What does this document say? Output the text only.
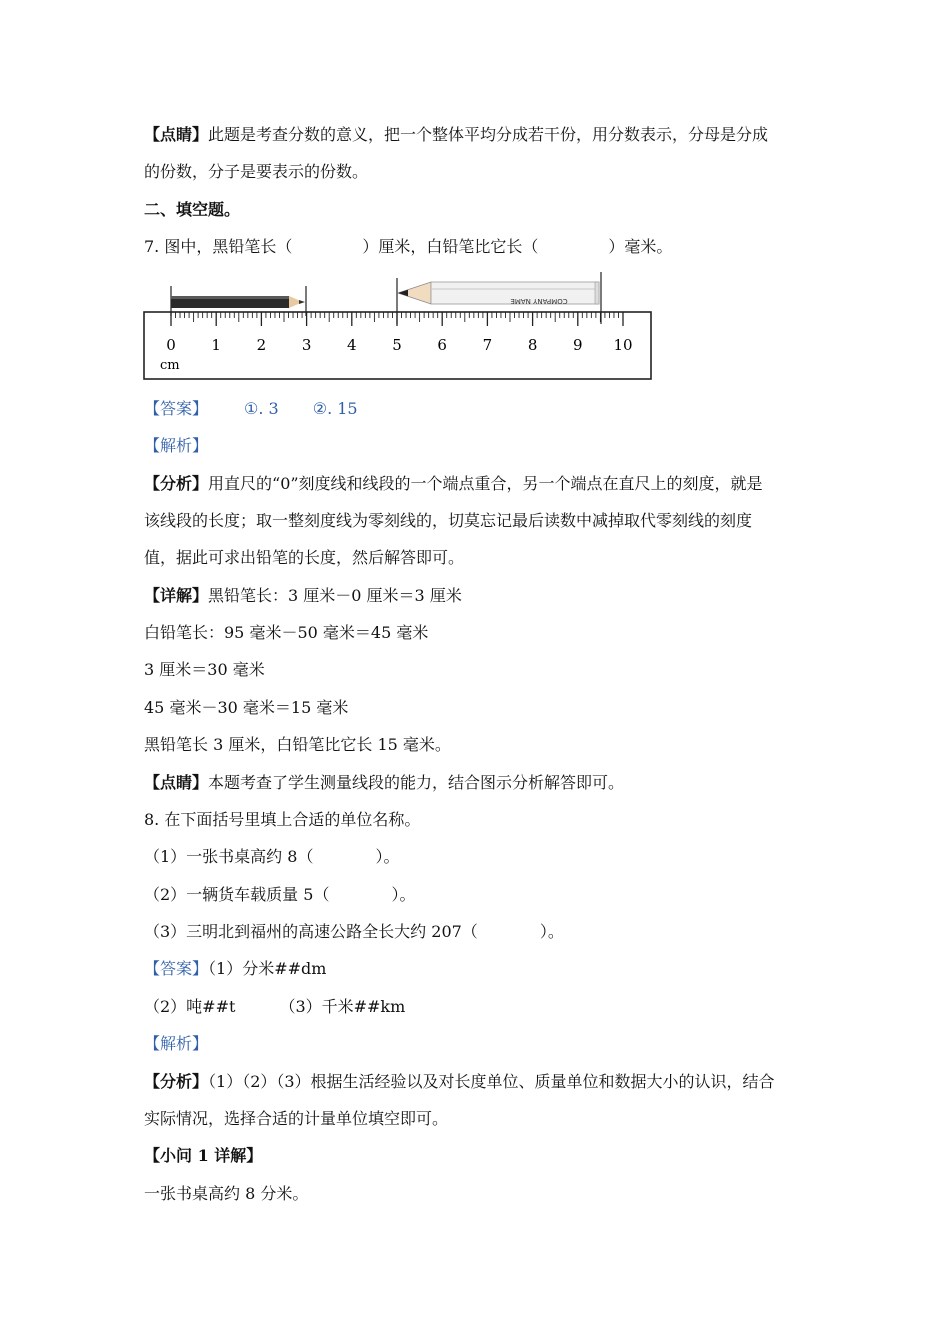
【点睛】此题是考查分数的意义，把一个整体平均分成若干份，用分数表示，分母是分成
的份数，分子是要表示的份数。
二、填空题。
7. 图中，黑铅笔长（	）厘米，白铅笔比它长（	）毫米。
0 1 2 3 4 5 6 7 8 9 10
cm
COMPANY NAME
【答案】 ①. 3 ②. 15
【解析】
【分析】用直尺的“0”刻度线和线段的一个端点重合，另一个端点在直尺上的刻度，就是
该线段的长度；取一整刻度线为零刻线的，切莫忘记最后读数中减掉取代零刻线的刻度
值，据此可求出铅笔的长度，然后解答即可。
【详解】黑铅笔长：3 厘米－0 厘米＝3 厘米
白铅笔长：95 毫米－50 毫米＝45 毫米
3 厘米＝30 毫米
45 毫米－30 毫米＝15 毫米
黑铅笔长 3 厘米，白铅笔比它长 15 毫米。
【点睛】本题考查了学生测量线段的能力，结合图示分析解答即可。
8. 在下面括号里填上合适的单位名称。
（1）一张书桌高约 8（	）。
（2）一辆货车载质量 5（	）。
（3）三明北到福州的高速公路全长大约 207（	）。
【答案】（1）分米##dm
（2）吨##t	（3）千米##km
【解析】
【分析】（1）（2）（3）根据生活经验以及对长度单位、质量单位和数据大小的认识，结合
实际情况，选择合适的计量单位填空即可。
【小问 1 详解】
一张书桌高约 8 分米。
